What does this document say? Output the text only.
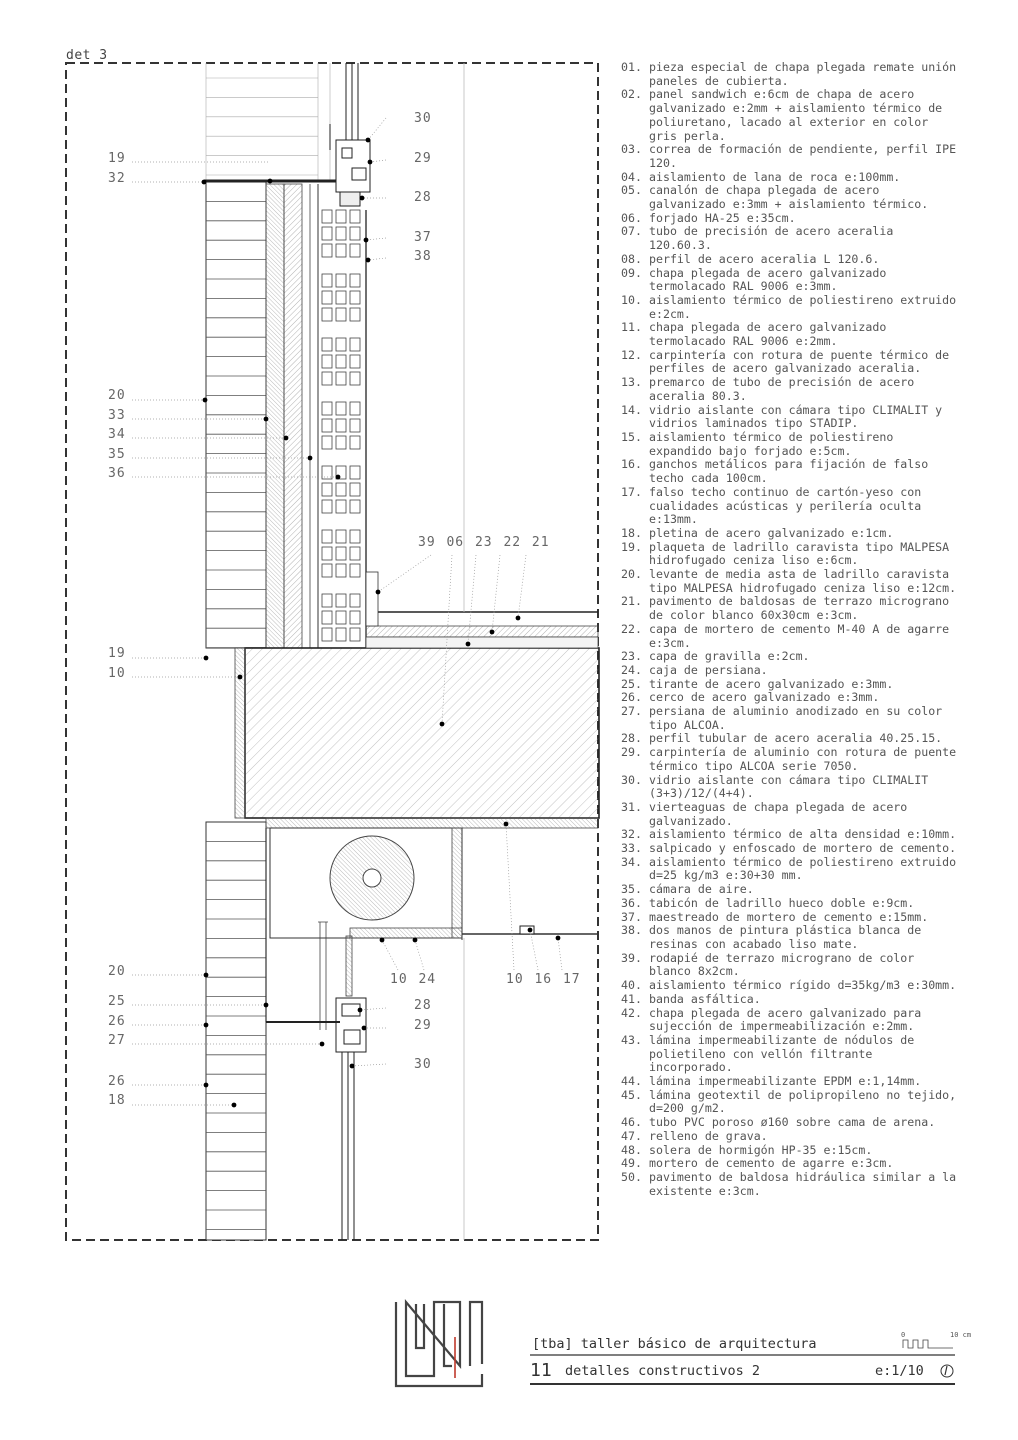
det 3
30
29
19
32
28
37
38
20
33
34
35
36
39 06 23 22 21
19
10
10 24	10 16 17
20
25
26
27
28
29
30
26
18
01. pieza especial de chapa plegada remate unión paneles de cubierta.
02. panel sandwich e:6cm de chapa de acero galvanizado e:2mm + aislamiento térmico de poliuretano, lacado al exterior en color gris perla.
03. correa de formación de pendiente, perfil IPE 120.
04. aislamiento de lana de roca e:100mm.
05. canalón de chapa plegada de acero galvanizado e:3mm + aislamiento térmico.
06. forjado HA-25 e:35cm.
07. tubo de precisión de acero aceralia 120.60.3.
08. perfil de acero aceralia L 120.6.
09. chapa plegada de acero galvanizado termolacado RAL 9006 e:3mm.
10. aislamiento térmico de poliestireno extruido e:2cm.
11. chapa plegada de acero galvanizado termolacado RAL 9006 e:2mm.
12. carpintería con rotura de puente térmico de perfiles de acero galvanizado aceralia.
13. premarco de tubo de precisión de acero aceralia 80.3.
14. vidrio aislante con cámara tipo CLIMALIT y vidrios laminados tipo STADIP.
15. aislamiento térmico de poliestireno expandido bajo forjado e:5cm.
16. ganchos metálicos para fijación de falso techo cada 100cm.
17. falso techo continuo de cartón-yeso con cualidades acústicas y perilería oculta e:13mm.
18. pletina de acero galvanizado e:1cm.
19. plaqueta de ladrillo caravista tipo MALPESA hidrofugado ceniza liso e:6cm.
20. levante de media asta de ladrillo caravista tipo MALPESA hidrofugado ceniza liso e:12cm.
21. pavimento de baldosas de terrazo micrograno de color blanco 60x30cm e:3cm.
22. capa de mortero de cemento M-40 A de agarre e:3cm.
23. capa de gravilla e:2cm.
24. caja de persiana.
25. tirante de acero galvanizado e:3mm.
26. cerco de acero galvanizado e:3mm.
27. persiana de aluminio anodizado en su color tipo ALCOA.
28. perfil tubular de acero aceralia 40.25.15.
29. carpintería de aluminio con rotura de puente térmico tipo ALCOA serie 7050.
30. vidrio aislante con cámara tipo CLIMALIT (3+3)/12/(4+4).
31. vierteaguas de chapa plegada de acero galvanizado.
32. aislamiento térmico de alta densidad e:10mm.
33. salpicado y enfoscado de mortero de cemento.
34. aislamiento térmico de poliestireno extruido d=25 kg/m3 e:30+30 mm.
35. cámara de aire.
36. tabicón de ladrillo hueco doble e:9cm.
37. maestreado de mortero de cemento e:15mm.
38. dos manos de pintura plástica blanca de resinas con acabado liso mate.
39. rodapié de terrazo micrograno de color blanco 8x2cm.
40. aislamiento térmico rígido d=35kg/m3 e:30mm.
41. banda asfáltica.
42. chapa plegada de acero galvanizado para sujección de impermeabilización e:2mm.
43. lámina impermeabilizante de nódulos de polietileno con vellón filtrante incorporado.
44. lámina impermeabilizante EPDM e:1,14mm.
45. lámina geotextil de polipropileno no tejido, d=200 g/m2.
46. tubo PVC poroso ø160 sobre cama de arena.
47. relleno de grava.
48. solera de hormigón HP-35 e:15cm.
49. mortero de cemento de agarre e:3cm.
50. pavimento de baldosa hidráulica similar a la existente e:3cm.
[tba] taller básico de arquitectura
11 detalles constructivos 2	e:1/10
0	10 cm
